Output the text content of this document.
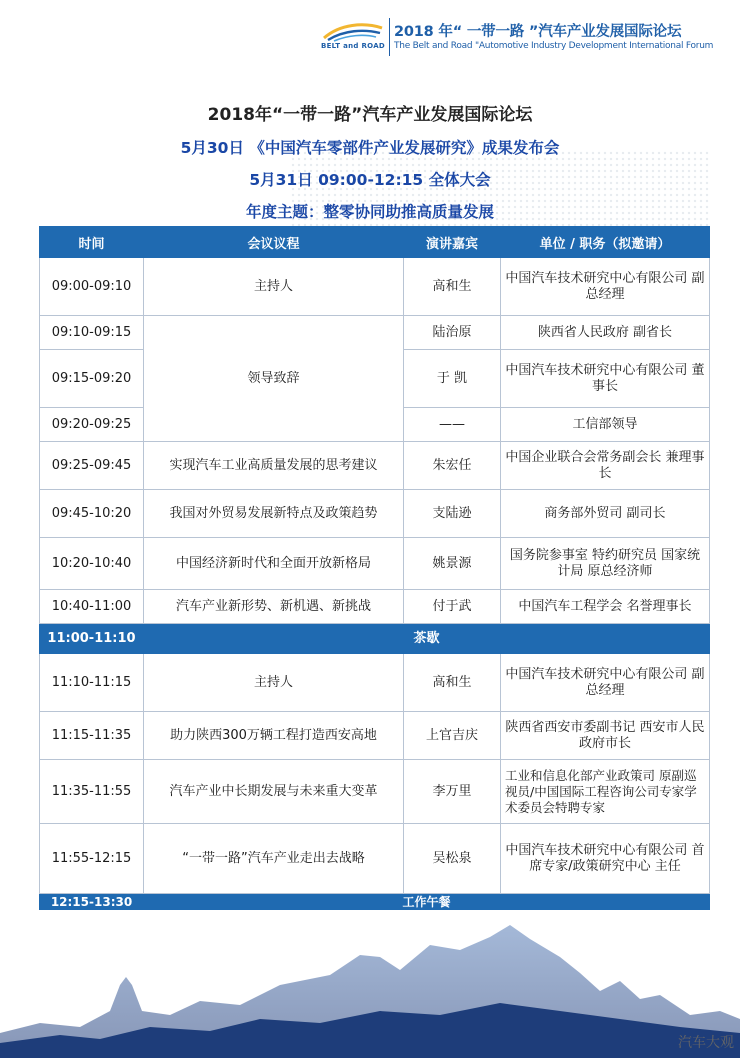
BELT and ROAD
2018 年“ 一带一路 ”汽车产业发展国际论坛
The Belt and Road "Automotive Industry Development International Forum
2018年“一带一路”汽车产业发展国际论坛
5月30日 《中国汽车零部件产业发展研究》成果发布会
5月31日 09:00-12:15 全体大会
年度主题：整零协同助推高质量发展
时间	会议议程	演讲嘉宾	单位 / 职务（拟邀请）
09:00-09:10	主持人	高和生	中国汽车技术研究中心有限公司 副总经理
09:10-09:15	领导致辞	陆治原	陕西省人民政府 副省长
09:15-09:20		于 凯	中国汽车技术研究中心有限公司 董事长
09:20-09:25		——	工信部领导
09:25-09:45	实现汽车工业高质量发展的思考建议	朱宏任	中国企业联合会常务副会长 兼理事长
09:45-10:20	我国对外贸易发展新特点及政策趋势	支陆逊	商务部外贸司 副司长
10:20-10:40	中国经济新时代和全面开放新格局	姚景源	国务院参事室 特约研究员 国家统计局 原总经济师
10:40-11:00	汽车产业新形势、新机遇、新挑战	付于武	中国汽车工程学会 名誉理事长
11:00-11:10	茶歇		
11:10-11:15	主持人	高和生	中国汽车技术研究中心有限公司 副总经理
11:15-11:35	助力陕西300万辆工程打造西安高地	上官吉庆	陕西省西安市委副书记 西安市人民政府市长
11:35-11:55	汽车产业中长期发展与未来重大变革	李万里	工业和信息化部产业政策司 原副巡视员/中国国际工程咨询公司专家学术委员会特聘专家
11:55-12:15	“一带一路”汽车产业走出去战略	吴松泉	中国汽车技术研究中心有限公司 首席专家/政策研究中心 主任
12:15-13:30	工作午餐		
汽车大观
